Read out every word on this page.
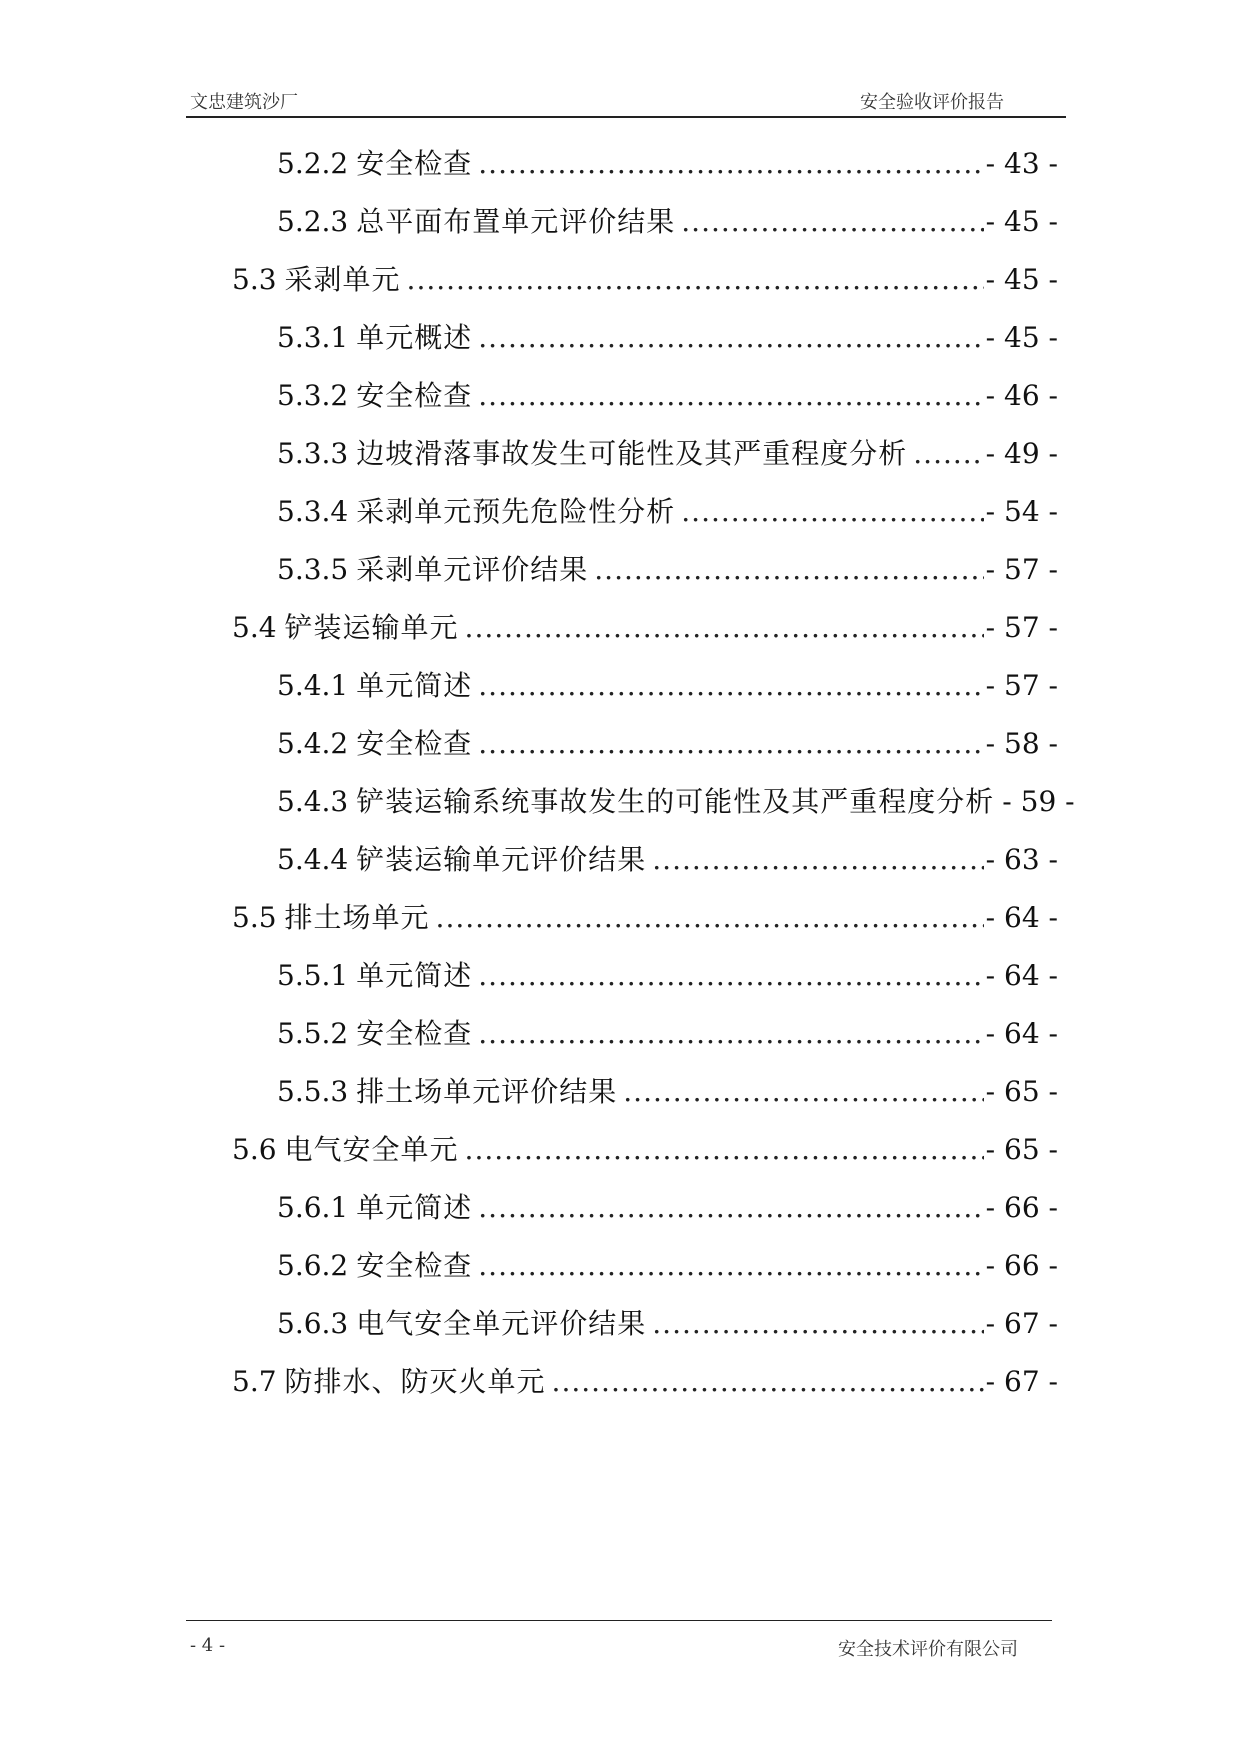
文忠建筑沙厂	安全验收评价报告
5.2.2 安全检查 .....	- 43 -
5.2.3 总平面布置单元评价结果 .....	- 45 -
5.3 采剥单元 .....	- 45 -
5.3.1 单元概述 .....	- 45 -
5.3.2 安全检查 .....	- 46 -
5.3.3 边坡滑落事故发生可能性及其严重程度分析 .....	- 49 -
5.3.4 采剥单元预先危险性分析 .....	- 54 -
5.3.5 采剥单元评价结果 .....	- 57 -
5.4 铲装运输单元 .....	- 57 -
5.4.1 单元简述 .....	- 57 -
5.4.2 安全检查 .....	- 58 -
5.4.3 铲装运输系统事故发生的可能性及其严重程度分析 - 59 -
5.4.4 铲装运输单元评价结果 .....	- 63 -
5.5 排土场单元 .....	- 64 -
5.5.1 单元简述 .....	- 64 -
5.5.2 安全检查 .....	- 64 -
5.5.3 排土场单元评价结果 .....	- 65 -
5.6 电气安全单元 .....	- 65 -
5.6.1 单元简述 .....	- 66 -
5.6.2 安全检查 .....	- 66 -
5.6.3 电气安全单元评价结果 .....	- 67 -
5.7 防排水、防灭火单元 .....	- 67 -
- 4 -	安全技术评价有限公司
